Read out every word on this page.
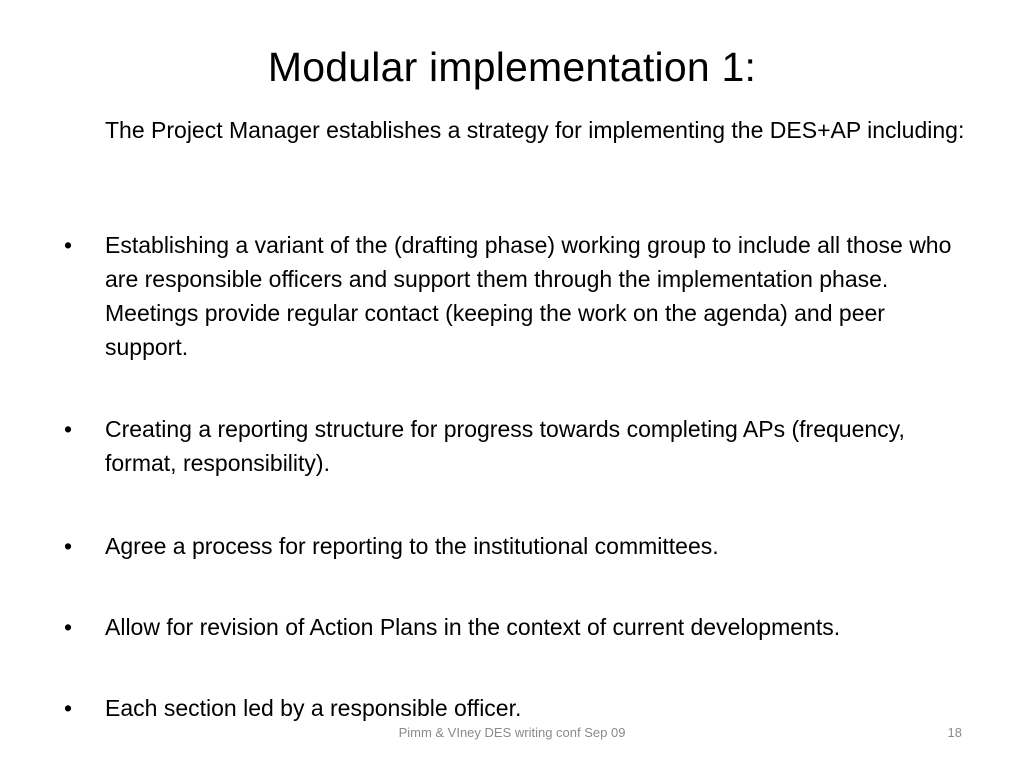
Modular implementation 1:
The Project Manager establishes a strategy for implementing the DES+AP including:
• Establishing a variant of the (drafting phase) working group to include all those who are responsible officers and support them through the implementation phase. Meetings provide regular contact (keeping the work on the agenda) and peer support.
• Creating a reporting structure for progress towards completing APs (frequency, format, responsibility).
• Agree a process for reporting to the institutional committees.
• Allow for revision of Action Plans in the context of current developments.
• Each section led by a responsible officer.
Pimm & VIney DES writing conf Sep 09	18
